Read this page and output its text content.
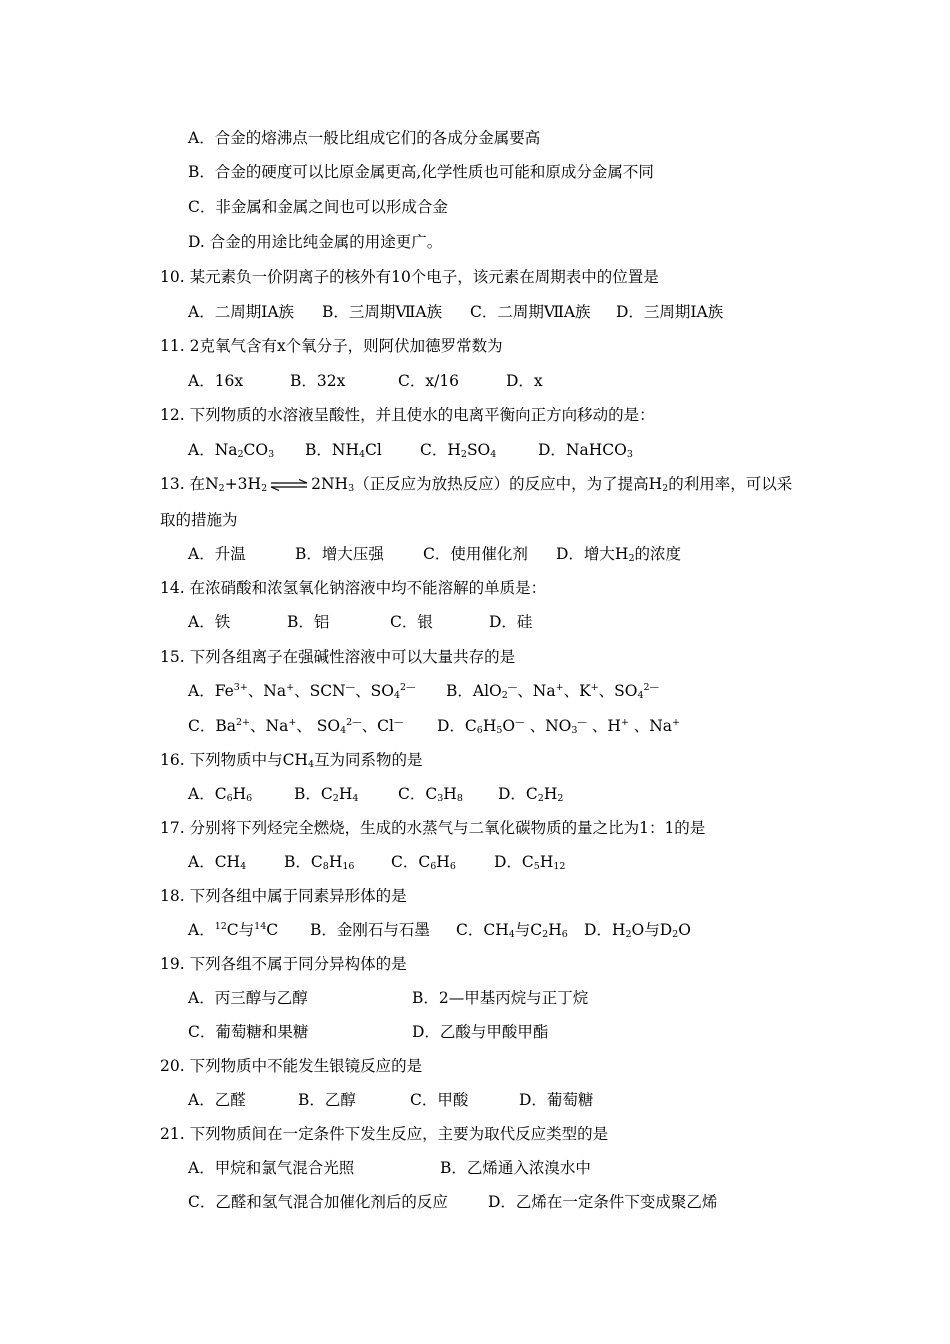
A．合金的熔沸点一般比组成它们的各成分金属要高
B．合金的硬度可以比原金属更高,化学性质也可能和原成分金属不同
C．非金属和金属之间也可以形成合金
D. 合金的用途比纯金属的用途更广。
10. 某元素负一价阴离子的核外有10个电子，该元素在周期表中的位置是
A．二周期IA族 B．三周期ⅦA族 C．二周期ⅦA族 D．三周期IA族
11. 2克氧气含有x个氧分子，则阿伏加德罗常数为
A．16x	B．32x	C．x/16	D．x
12. 下列物质的水溶液呈酸性，并且使水的电离平衡向正方向移动的是：
A．$Na_2CO_3$ B．$NH_4Cl$ C．$H_2SO_4$	D．NaHCO$_3$
13. 在$N_2+3H_2$ ⇌ $2NH_3$（正反应为放热反应）的反应中，为了提高$H_2$的利用率，可以采
取的措施为
A．升温	B．增大压强	C．使用催化剂 D．增大$H_2$的浓度
14. 在浓硝酸和浓氢氧化钠溶液中均不能溶解的单质是：
A．铁	B．铝	C．银	D．硅
15. 下列各组离子在强碱性溶液中可以大量共存的是
A．$Fe^{3+}$、Na+、SCN—、$SO_4^{2—}$ B．AlO$_2$—、Na+、K+、$SO_4^{2—}$
C．$Ba^{2+}$、Na+、 $SO_4^{2—}$、Cl— D．$C_6H_5O^—$ 、$NO_3^—$ 、H+ 、Na+
16. 下列物质中与$CH_4$互为同系物的是
A．$C_6H_6$	B．$C_2H_4$	C．$C_3H_8$ D．$C_2H_2$
17. 分别将下列烃完全燃烧，生成的水蒸气与二氧化碳物质的量之比为1：1的是
A．$CH_4$ B．$C_8H_{16}$ C．$C_6H_6$ D．$C_5H_{12}$
18. 下列各组中属于同素异形体的是
A．$^{12}$C与$^{14}$C B．金刚石与石墨 C．$CH_4$与$C_2H_6$ D．$H_2O$与$D_2O$
19. 下列各组不属于同分异构体的是
A．丙三醇与乙醇	B．2—甲基丙烷与正丁烷
C．葡萄糖和果糖	D．乙酸与甲酸甲酯
20. 下列物质中不能发生银镜反应的是
A．乙醛	B．乙醇	C．甲酸	D．葡萄糖
21. 下列物质间在一定条件下发生反应，主要为取代反应类型的是
A．甲烷和氯气混合光照	B．乙烯通入浓溴水中
C．乙醛和氢气混合加催化剂后的反应	D．乙烯在一定条件下变成聚乙烯
